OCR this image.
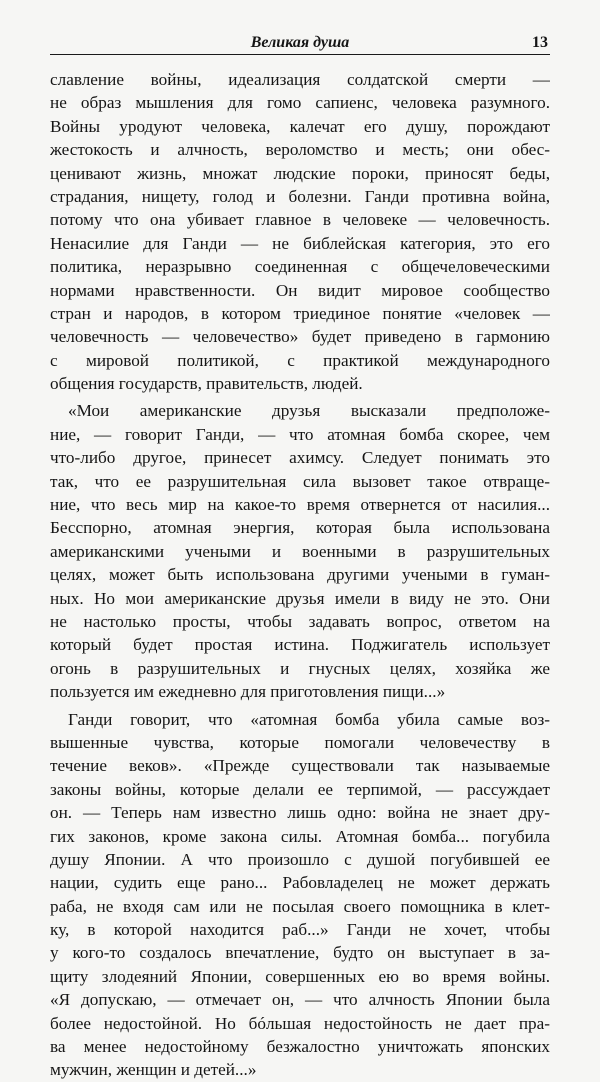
Великая душа	13
славление войны, идеализация солдатской смерти —
не образ мышления для гомо сапиенс, человека разумного.
Войны уродуют человека, калечат его душу, порождают
жестокость и алчность, вероломство и месть; они обес-
ценивают жизнь, множат людские пороки, приносят беды,
страдания, нищету, голод и болезни. Ганди противна война,
потому что она убивает главное в человеке — человечность.
Ненасилие для Ганди — не библейская категория, это его
политика, неразрывно соединенная с общечеловеческими
нормами нравственности. Он видит мировое сообщество
стран и народов, в котором триединое понятие «человек —
человечность — человечество» будет приведено в гармонию
с мировой политикой, с практикой международного
общения государств, правительств, людей.
«Мои американские друзья высказали предположе-
ние, — говорит Ганди, — что атомная бомба скорее, чем
что-либо другое, принесет ахимсу. Следует понимать это
так, что ее разрушительная сила вызовет такое отвраще-
ние, что весь мир на какое-то время отвернется от насилия...
Бесспорно, атомная энергия, которая была использована
американскими учеными и военными в разрушительных
целях, может быть использована другими учеными в гуман-
ных. Но мои американские друзья имели в виду не это. Они
не настолько просты, чтобы задавать вопрос, ответом на
который будет простая истина. Поджигатель использует
огонь в разрушительных и гнусных целях, хозяйка же
пользуется им ежедневно для приготовления пищи...»
Ганди говорит, что «атомная бомба убила самые воз-
вышенные чувства, которые помогали человечеству в
течение веков». «Прежде существовали так называемые
законы войны, которые делали ее терпимой, — рассуждает
он. — Теперь нам известно лишь одно: война не знает дру-
гих законов, кроме закона силы. Атомная бомба... погубила
душу Японии. А что произошло с душой погубившей ее
нации, судить еще рано... Рабовладелец не может держать
раба, не входя сам или не посылая своего помощника в клет-
ку, в которой находится раб...» Ганди не хочет, чтобы
у кого-то создалось впечатление, будто он выступает в за-
щиту злодеяний Японии, совершенных ею во время войны.
«Я допускаю, — отмечает он, — что алчность Японии была
более недостойной. Но бóльшая недостойность не дает пра-
ва менее недостойному безжалостно уничтожать японских
мужчин, женщин и детей...»
